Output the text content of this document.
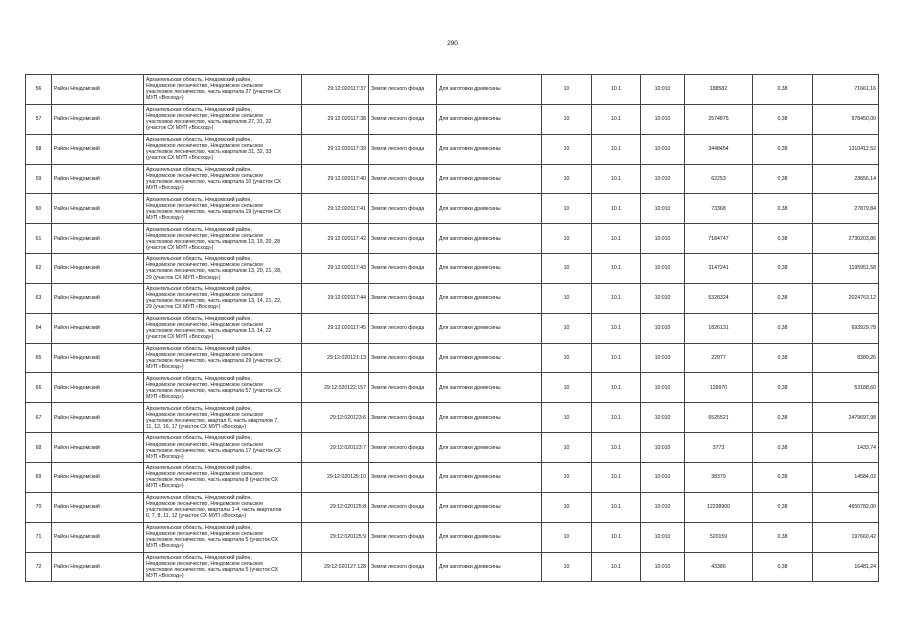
290
56	Район Няндомский	Архангельская область, Няндомский район,
Няндомское лесничество, Няндомское сельское
участковое лесничество, часть квартала 27 (участок СХ
МУП «Восход»)	29:12:020117:37	Земли лесного фонда	Для заготовки древесины	10	10.1	10:010	188582	0,38	71661,16
57	Район Няндомский	Архангельская область, Няндомский район,
Няндомское лесничество, Няндомское сельское
участковое лесничество, часть кварталов 27, 31, 32
(участок СХ МУП «Восход»)	29:12:020117:38	Земли лесного фонда	Для заготовки древесины	10	10.1	10:010	2574875	0,38	978450,00
58	Район Няндомский	Архангельская область, Няндомский район,
Няндомское лесничество, Няндомское сельское
участковое лесничество, часть кварталов 31, 32, 33
(участок СХ МУП «Восход»)	29:12:020117:39	Земли лесного фонда	Для заготовки древесины	10	10.1	10:010	3448454	0,38	1310412,52
59	Район Няндомский	Архангельская область, Няндомский район,
Няндомское лесничество, Няндомское сельское
участковое лесничество, часть квартала 10 (участок СХ
МУП «Восход»)	29:12:020117:40	Земли лесного фонда	Для заготовки древесины	10	10.1	10:010	62253	0,38	23656,14
60	Район Няндомский	Архангельская область, Няндомский район,
Няндомское лесничество, Няндомское сельское
участковое лесничество, часть квартала 19 (участок СХ
МУП «Восход»)	29:12:020117:41	Земли лесного фонда	Для заготовки древесины	10	10.1	10:010	73368	0,38	27879,84
61	Район Няндомский	Архангельская область, Няндомский район,
Няндомское лесничество, Няндомское сельское
участковое лесничество, часть кварталов 13, 19, 20, 28
(участок СХ МУП «Восход»)	29:12:020117:42	Земли лесного фонда	Для заготовки древесины	10	10.1	10:010	7184747	0,38	2730203,86
62	Район Няндомский	Архангельская область, Няндомский район,
Няндомское лесничество, Няндомское сельское
участковое лесничество, часть кварталов 13, 20, 21, 28,
29 (участок СХ МУП «Восход»)	29:12:020117:43	Земли лесного фонда	Для заготовки древесины	10	10.1	10:010	3147241	0,38	1195951,58
63	Район Няндомский	Архангельская область, Няндомский район,
Няндомское лесничество, Няндомское сельское
участковое лесничество, часть кварталов 13, 14, 21, 22,
29 (участок СХ МУП «Восход»)	29:12:020117:44	Земли лесного фонда	Для заготовки древесины	10	10.1	10:010	5328324	0,38	2024763,12
64	Район Няндомский	Архангельская область, Няндомский район,
Няндомское лесничество, Няндомское сельское
участковое лесничество, часть кварталов 13, 14, 22
(участок СХ МУП «Восход»)	29:12:020117:45	Земли лесного фонда	Для заготовки древесины	10	10.1	10:010	1826131	0,38	693929,78
65	Район Няндомский	Архангельская область, Няндомский район,
Няндомское лесничество, Няндомское сельское
участковое лесничество, часть квартала 29 (участок СХ
МУП «Восход»)	29:12:020121:13	Земли лесного фонда	Для заготовки древесины	10	10.1	10:010	22077	0,38	8389,26
66	Район Няндомский	Архангельская область, Няндомский район,
Няндомское лесничество, Няндомское сельское
участковое лесничество, часть квартала 57 (участок СХ
МУП «Восход»)	29:12:020122:157	Земли лесного фонда	Для заготовки древесины	10	10.1	10:010	139970	0,38	53188,60
67	Район Няндомский	Архангельская область, Няндомский район,
Няндомское лесничество, Няндомское сельское
участковое лесничество, квартал 6, часть кварталов 7,
11, 12, 16, 17 (участок СХ МУП «Восход»)	29:12:020123:6	Земли лесного фонда	Для заготовки древесины	10	10.1	10:010	6525521	0,38	2479697,98
68	Район Няндомский	Архангельская область, Няндомский район,
Няндомское лесничество, Няндомское сельское
участковое лесничество, часть квартала 17 (участок СХ
МУП «Восход»)	29:12:020123:7	Земли лесного фонда	Для заготовки древесины	10	10.1	10:010	3773	0,38	1433,74
69	Район Няндомский	Архангельская область, Няндомский район,
Няндомское лесничество, Няндомское сельское
участковое лесничество, часть квартала 8 (участок СХ
МУП «Восход»)	29:12:020125:10	Земли лесного фонда	Для заготовки древесины	10	10.1	10:010	38379	0,38	14584,02
70	Район Няндомский	Архангельская область, Няндомский район,
Няндомское лесничество, Няндомское сельское
участковое лесничество, кварталы 1-4, часть кварталов
6, 7, 8, 11, 12 (участок СХ МУП «Восход»)	29:12:020125:8	Земли лесного фонда	Для заготовки древесины	10	10.1	10:010	12238900	0,38	4650782,00
71	Район Няндомский	Архангельская область, Няндомский район,
Няндомское лесничество, Няндомское сельское
участковое лесничество, часть квартала 5 (участок СХ
МУП «Восход»)	29:12:020125:9	Земли лесного фонда	Для заготовки древесины	10	10.1	10:010	520159	0,38	197660,42
72	Район Няндомский	Архангельская область, Няндомский район,
Няндомское лесничество, Няндомское сельское
участковое лесничество, часть квартала 5 (участок СХ
МУП «Восход»)	29:12:020127:128	Земли лесного фонда	Для заготовки древесины	10	10.1	10:010	43386	0,38	16481,24
